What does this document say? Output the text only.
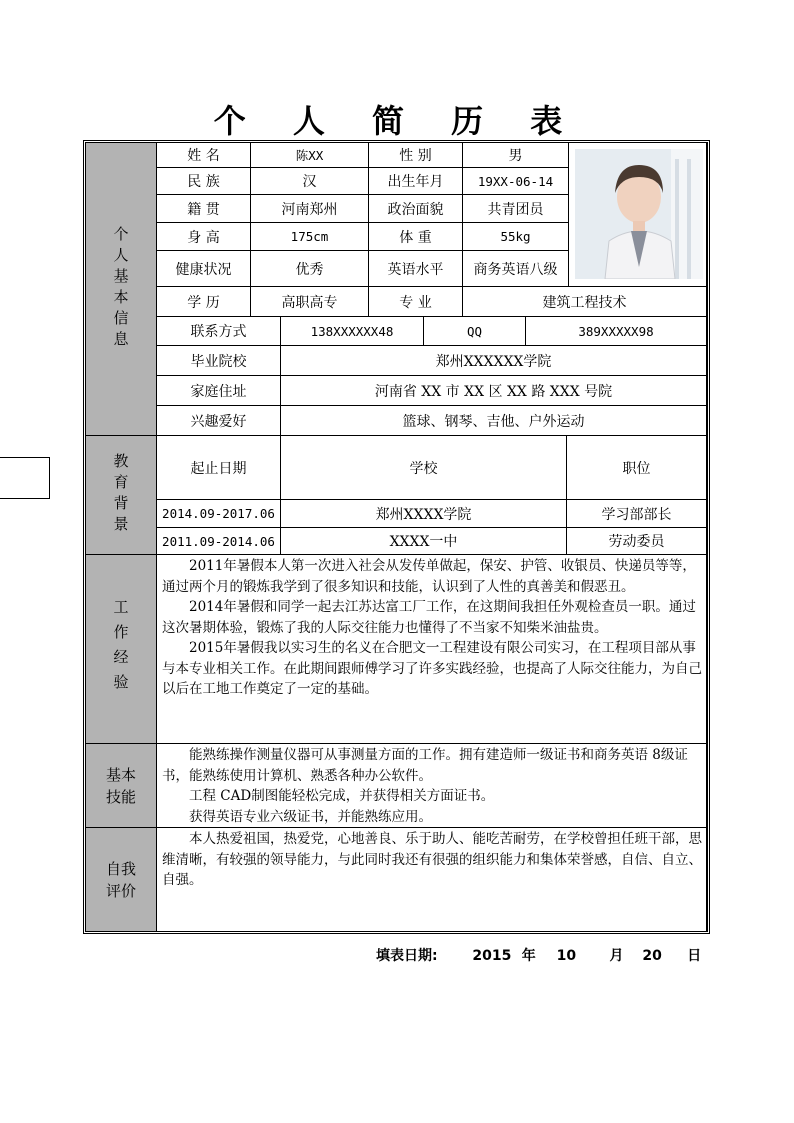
个 人 简 历 表
个人基本信息
教育背景
工作经验
基本
技能
自我
评价
姓 名	陈XX	性 别	男
民 族	汉	出生年月	19XX-06-14
籍 贯	河南郑州	政治面貌	共青团员
身 高	175cm	体 重	55kg
健康状况	优秀	英语水平	商务英语八级
学 历	高职高专	专 业	建筑工程技术
联系方式	138XXXXXX48	QQ	389XXXXX98
毕业院校	郑州XXXXXX学院
家庭住址	河南省 XX 市 XX 区 XX 路 XXX 号院
兴趣爱好	篮球、钢琴、吉他、户外运动
起止日期	学校	职位
2014.09-2017.06	郑州XXXX学院	学习部部长
2011.09-2014.06	XXXX一中	劳动委员

2011年暑假本人第一次进入社会从发传单做起，保安、护管、收银员、快递员等等，通过两个月的锻炼我学到了很多知识和技能，认识到了人性的真善美和假恶丑。

2014年暑假和同学一起去江苏达富工厂工作，在这期间我担任外观检查员一职。通过这次暑期体验，锻炼了我的人际交往能力也懂得了不当家不知柴米油盐贵。

2015年暑假我以实习生的名义在合肥文一工程建设有限公司实习，在工程项目部从事与本专业相关工作。在此期间跟师傅学习了许多实践经验，也提高了人际交往能力，为自己以后在工地工作奠定了一定的基础。

能熟练操作测量仪器可从事测量方面的工作。拥有建造师一级证书和商务英语 8级证书，能熟练使用计算机、熟悉各种办公软件。

工程 CAD制图能轻松完成，并获得相关方面证书。

获得英语专业六级证书，并能熟练应用。

本人热爱祖国，热爱党，心地善良、乐于助人、能吃苦耐劳，在学校曾担任班干部，思维清晰，有较强的领导能力，与此同时我还有很强的组织能力和集体荣誉感，自信、自立、自强。

填表日期: 2015 年 10 月 20 日
